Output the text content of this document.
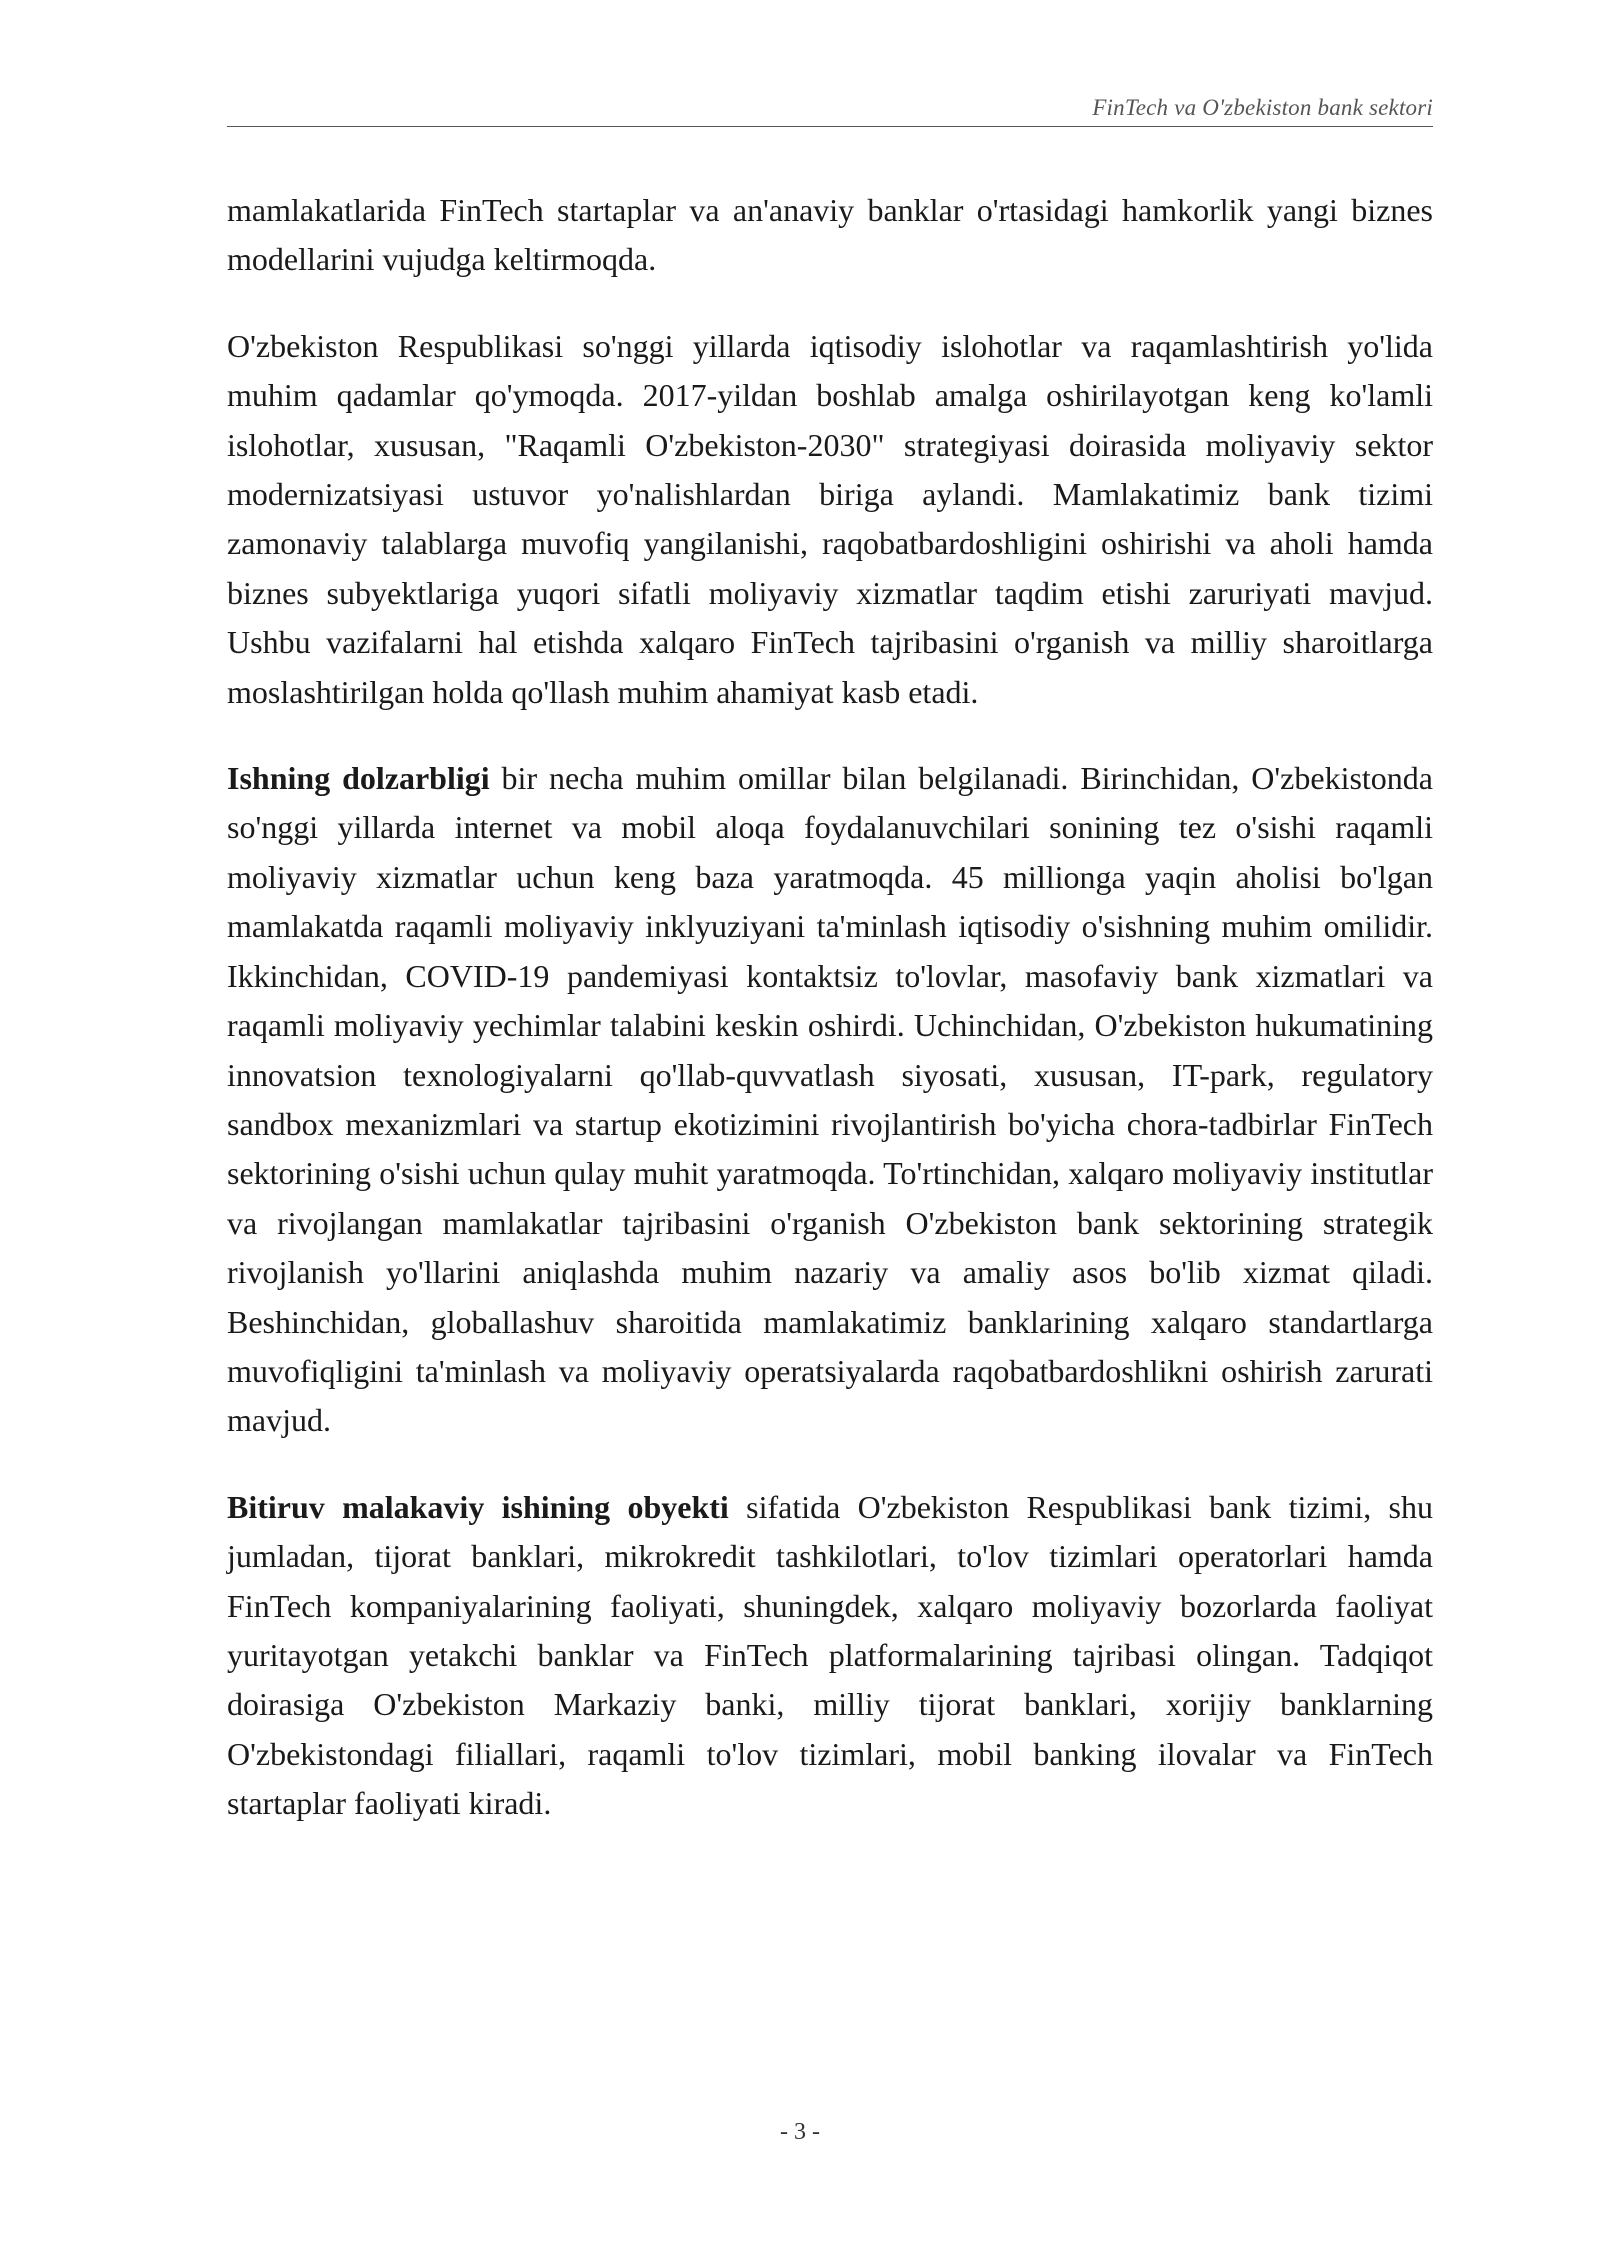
FinTech va O'zbekiston bank sektori

mamlakatlarida FinTech startaplar va an'anaviy banklar o'rtasidagi hamkorlik yangi biznes modellarini vujudga keltirmoqda.

O'zbekiston Respublikasi so'nggi yillarda iqtisodiy islohotlar va raqamlashtirish yo'lida muhim qadamlar qo'ymoqda. 2017-yildan boshlab amalga oshirilayotgan keng ko'lamli islohotlar, xususan, "Raqamli O'zbekiston-2030" strategiyasi doirasida moliyaviy sektor modernizatsiyasi ustuvor yo'nalishlardan biriga aylandi. Mamlakatimiz bank tizimi zamonaviy talablarga muvofiq yangilanishi, raqobatbardoshligini oshirishi va aholi hamda biznes subyektlariga yuqori sifatli moliyaviy xizmatlar taqdim etishi zaruriyati mavjud. Ushbu vazifalarni hal etishda xalqaro FinTech tajribasini o'rganish va milliy sharoitlarga moslashtirilgan holda qo'llash muhim ahamiyat kasb etadi.

Ishning dolzarbligi bir necha muhim omillar bilan belgilanadi. Birinchidan, O'zbekistonda so'nggi yillarda internet va mobil aloqa foydalanuvchilari sonining tez o'sishi raqamli moliyaviy xizmatlar uchun keng baza yaratmoqda. 45 millionga yaqin aholisi bo'lgan mamlakatda raqamli moliyaviy inklyuziyani ta'minlash iqtisodiy o'sishning muhim omilidir. Ikkinchidan, COVID-19 pandemiyasi kontaktsiz to'lovlar, masofaviy bank xizmatlari va raqamli moliyaviy yechimlar talabini keskin oshirdi. Uchinchidan, O'zbekiston hukumatining innovatsion texnologiyalarni qo'llab-quvvatlash siyosati, xususan, IT-park, regulatory sandbox mexanizmlari va startup ekotizimini rivojlantirish bo'yicha chora-tadbirlar FinTech sektorining o'sishi uchun qulay muhit yaratmoqda. To'rtinchidan, xalqaro moliyaviy institutlar va rivojlangan mamlakatlar tajribasini o'rganish O'zbekiston bank sektorining strategik rivojlanish yo'llarini aniqlashda muhim nazariy va amaliy asos bo'lib xizmat qiladi. Beshinchidan, globallashuv sharoitida mamlakatimiz banklarining xalqaro standartlarga muvofiqligini ta'minlash va moliyaviy operatsiyalarda raqobatbardoshlikni oshirish zarurati mavjud.

Bitiruv malakaviy ishining obyekti sifatida O'zbekiston Respublikasi bank tizimi, shu jumladan, tijorat banklari, mikrokredit tashkilotlari, to'lov tizimlari operatorlari hamda FinTech kompaniyalarining faoliyati, shuningdek, xalqaro moliyaviy bozorlarda faoliyat yuritayotgan yetakchi banklar va FinTech platformalarining tajribasi olingan. Tadqiqot doirasiga O'zbekiston Markaziy banki, milliy tijorat banklari, xorijiy banklarning O'zbekistondagi filiallari, raqamli to'lov tizimlari, mobil banking ilovalar va FinTech startaplar faoliyati kiradi.

- 3 -
